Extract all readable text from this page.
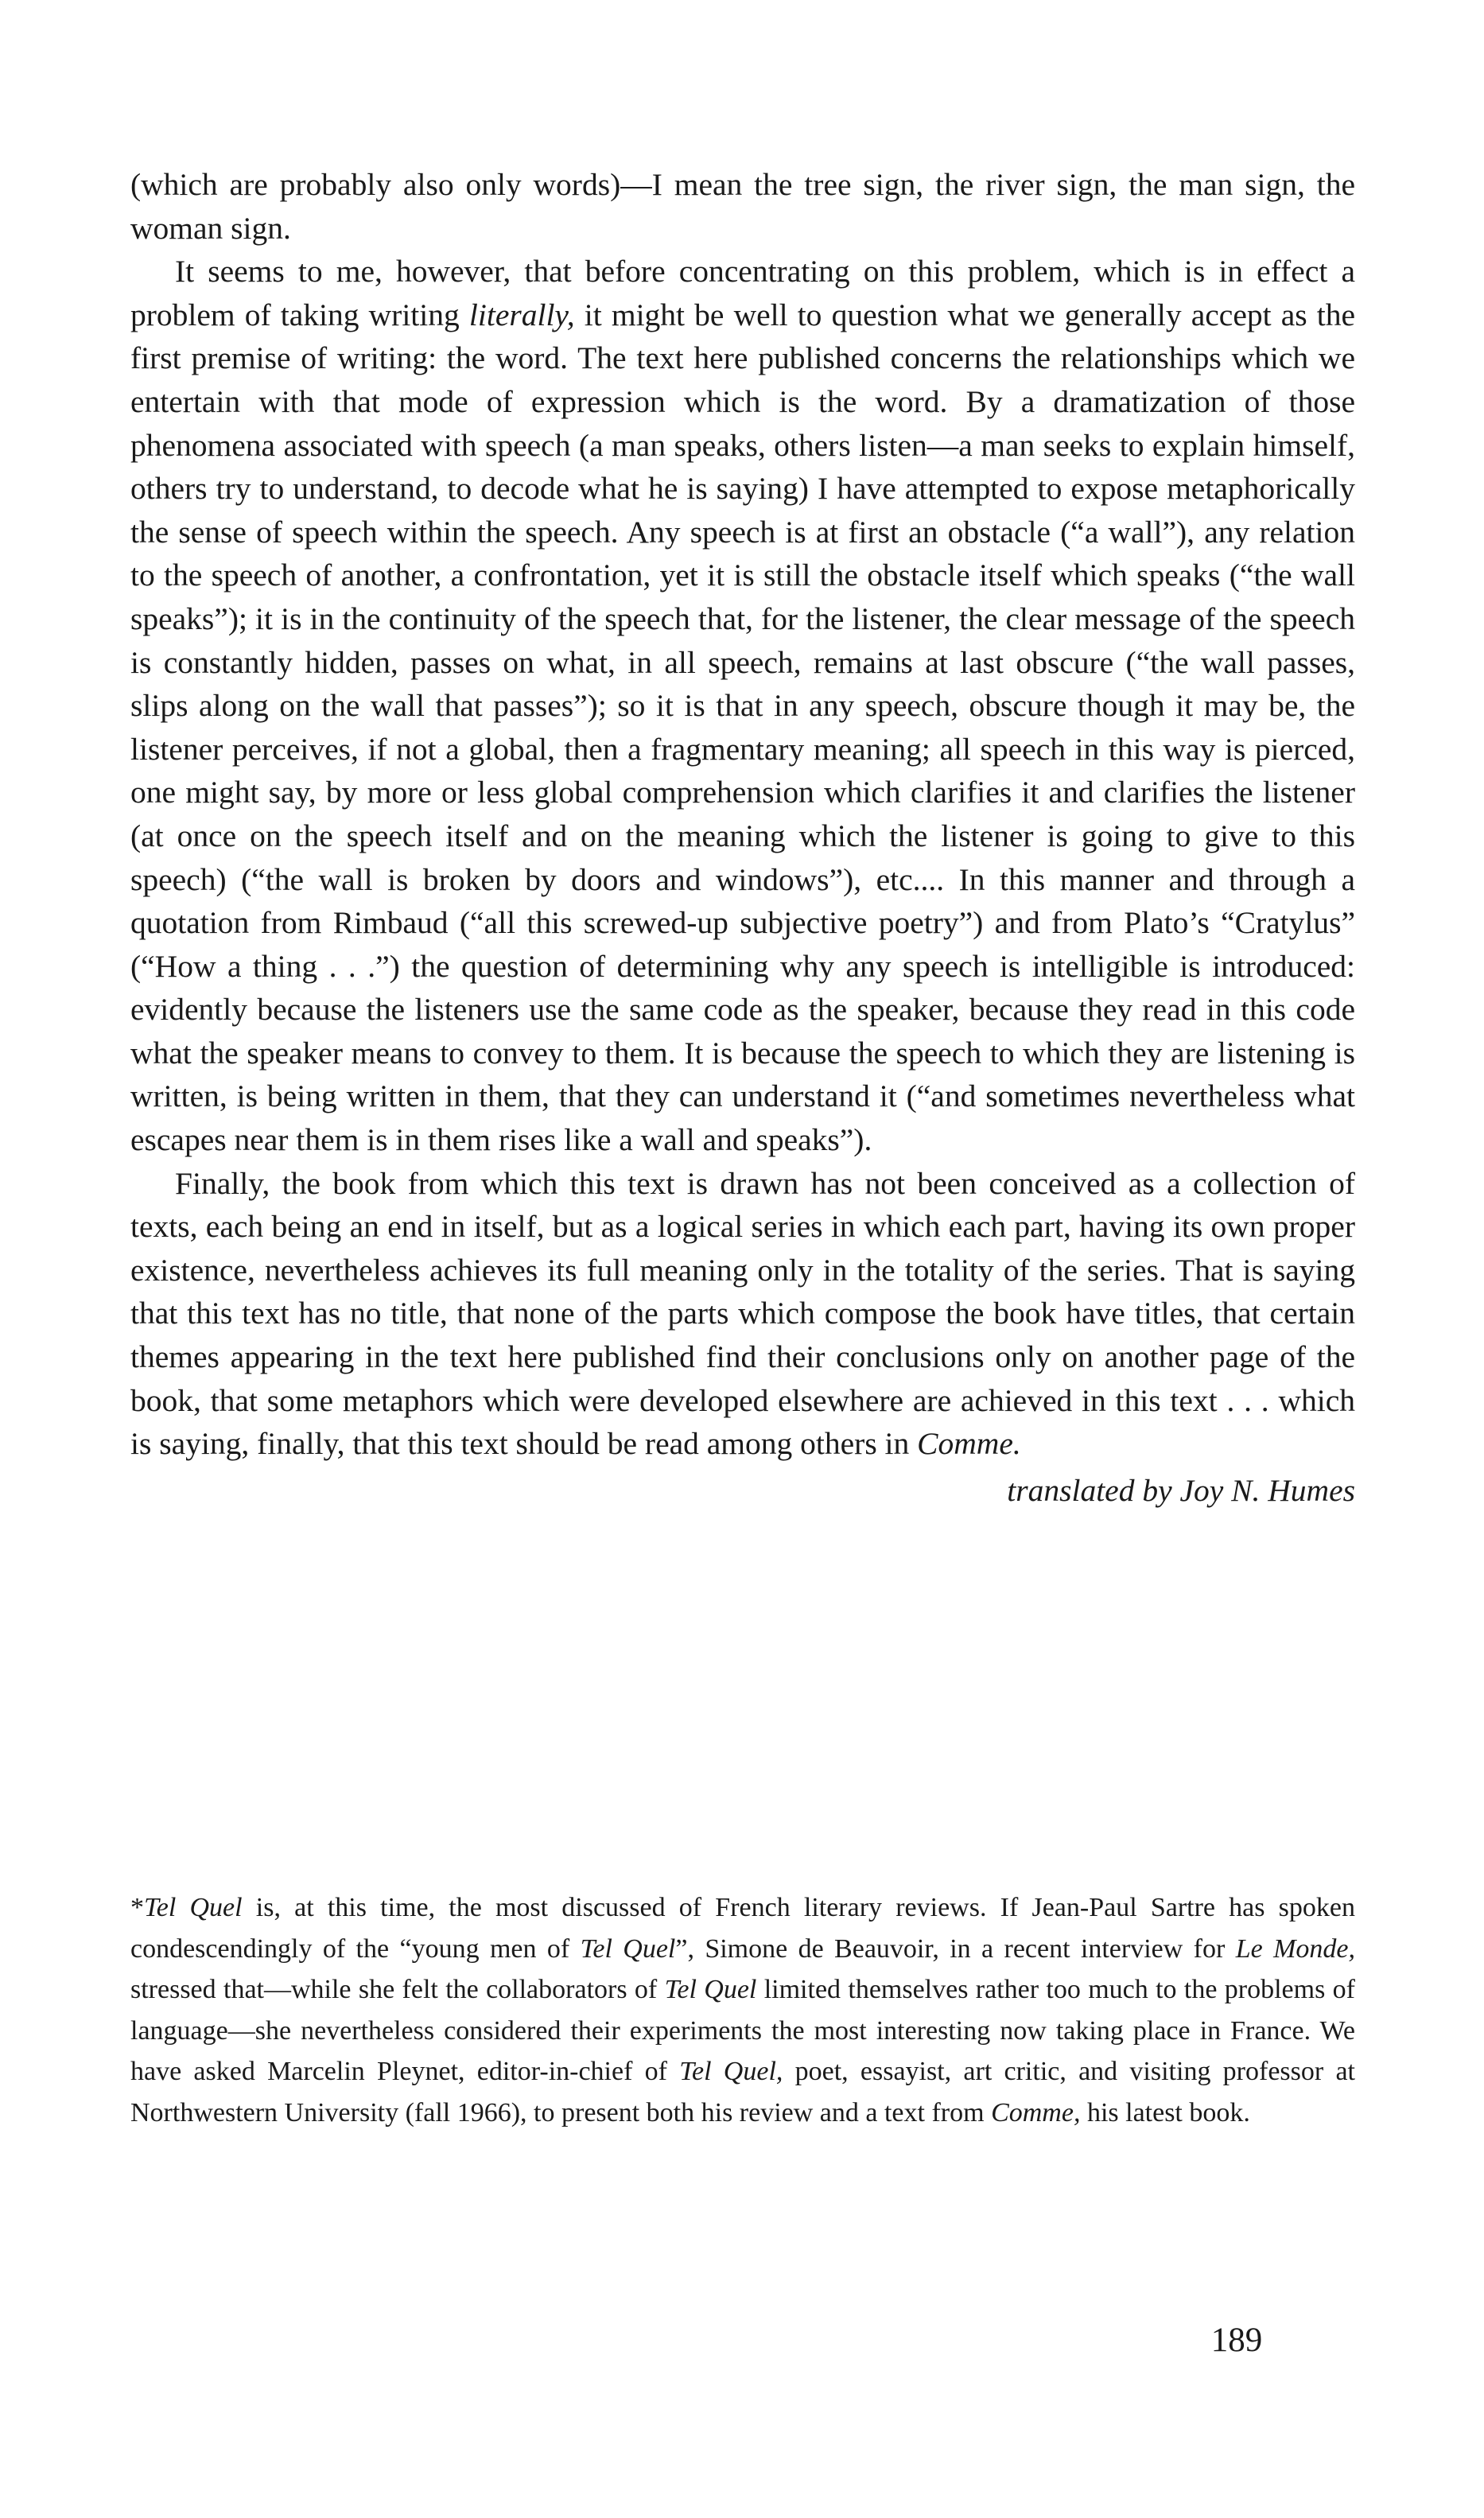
(which are probably also only words)—I mean the tree sign, the river sign, the man sign, the woman sign.

It seems to me, however, that before concentrating on this problem, which is in effect a problem of taking writing literally, it might be well to question what we generally accept as the first premise of writing: the word. The text here published concerns the relationships which we entertain with that mode of expression which is the word. By a dramatization of those phenomena associated with speech (a man speaks, others listen—a man seeks to explain himself, others try to understand, to decode what he is saying) I have attempted to expose metaphorically the sense of speech within the speech. Any speech is at first an obstacle (“a wall”), any relation to the speech of another, a confrontation, yet it is still the obstacle itself which speaks (“the wall speaks”); it is in the continuity of the speech that, for the listener, the clear message of the speech is constantly hidden, passes on what, in all speech, remains at last obscure (“the wall passes, slips along on the wall that passes”); so it is that in any speech, obscure though it may be, the listener perceives, if not a global, then a fragmentary meaning; all speech in this way is pierced, one might say, by more or less global comprehension which clarifies it and clarifies the listener (at once on the speech itself and on the meaning which the listener is going to give to this speech) (“the wall is broken by doors and windows”), etc.... In this manner and through a quotation from Rimbaud (“all this screwed-up subjective poetry”) and from Plato’s “Cratylus” (“How a thing . . .”) the question of determining why any speech is intelligible is introduced: evidently because the listeners use the same code as the speaker, because they read in this code what the speaker means to convey to them. It is because the speech to which they are listening is written, is being written in them, that they can understand it (“and sometimes nevertheless what escapes near them is in them rises like a wall and speaks”).

Finally, the book from which this text is drawn has not been conceived as a collection of texts, each being an end in itself, but as a logical series in which each part, having its own proper existence, nevertheless achieves its full meaning only in the totality of the series. That is saying that this text has no title, that none of the parts which compose the book have titles, that certain themes appearing in the text here published find their conclusions only on another page of the book, that some metaphors which were developed elsewhere are achieved in this text . . . which is saying, finally, that this text should be read among others in Comme.

translated by Joy N. Humes

*Tel Quel is, at this time, the most discussed of French literary reviews. If Jean-Paul Sartre has spoken condescendingly of the “young men of Tel Quel”, Simone de Beauvoir, in a recent interview for Le Monde, stressed that—while she felt the collaborators of Tel Quel limited themselves rather too much to the problems of language—she nevertheless considered their experiments the most interesting now taking place in France. We have asked Marcelin Pleynet, editor-in-chief of Tel Quel, poet, essayist, art critic, and visiting professor at Northwestern University (fall 1966), to present both his review and a text from Comme, his latest book.

189
